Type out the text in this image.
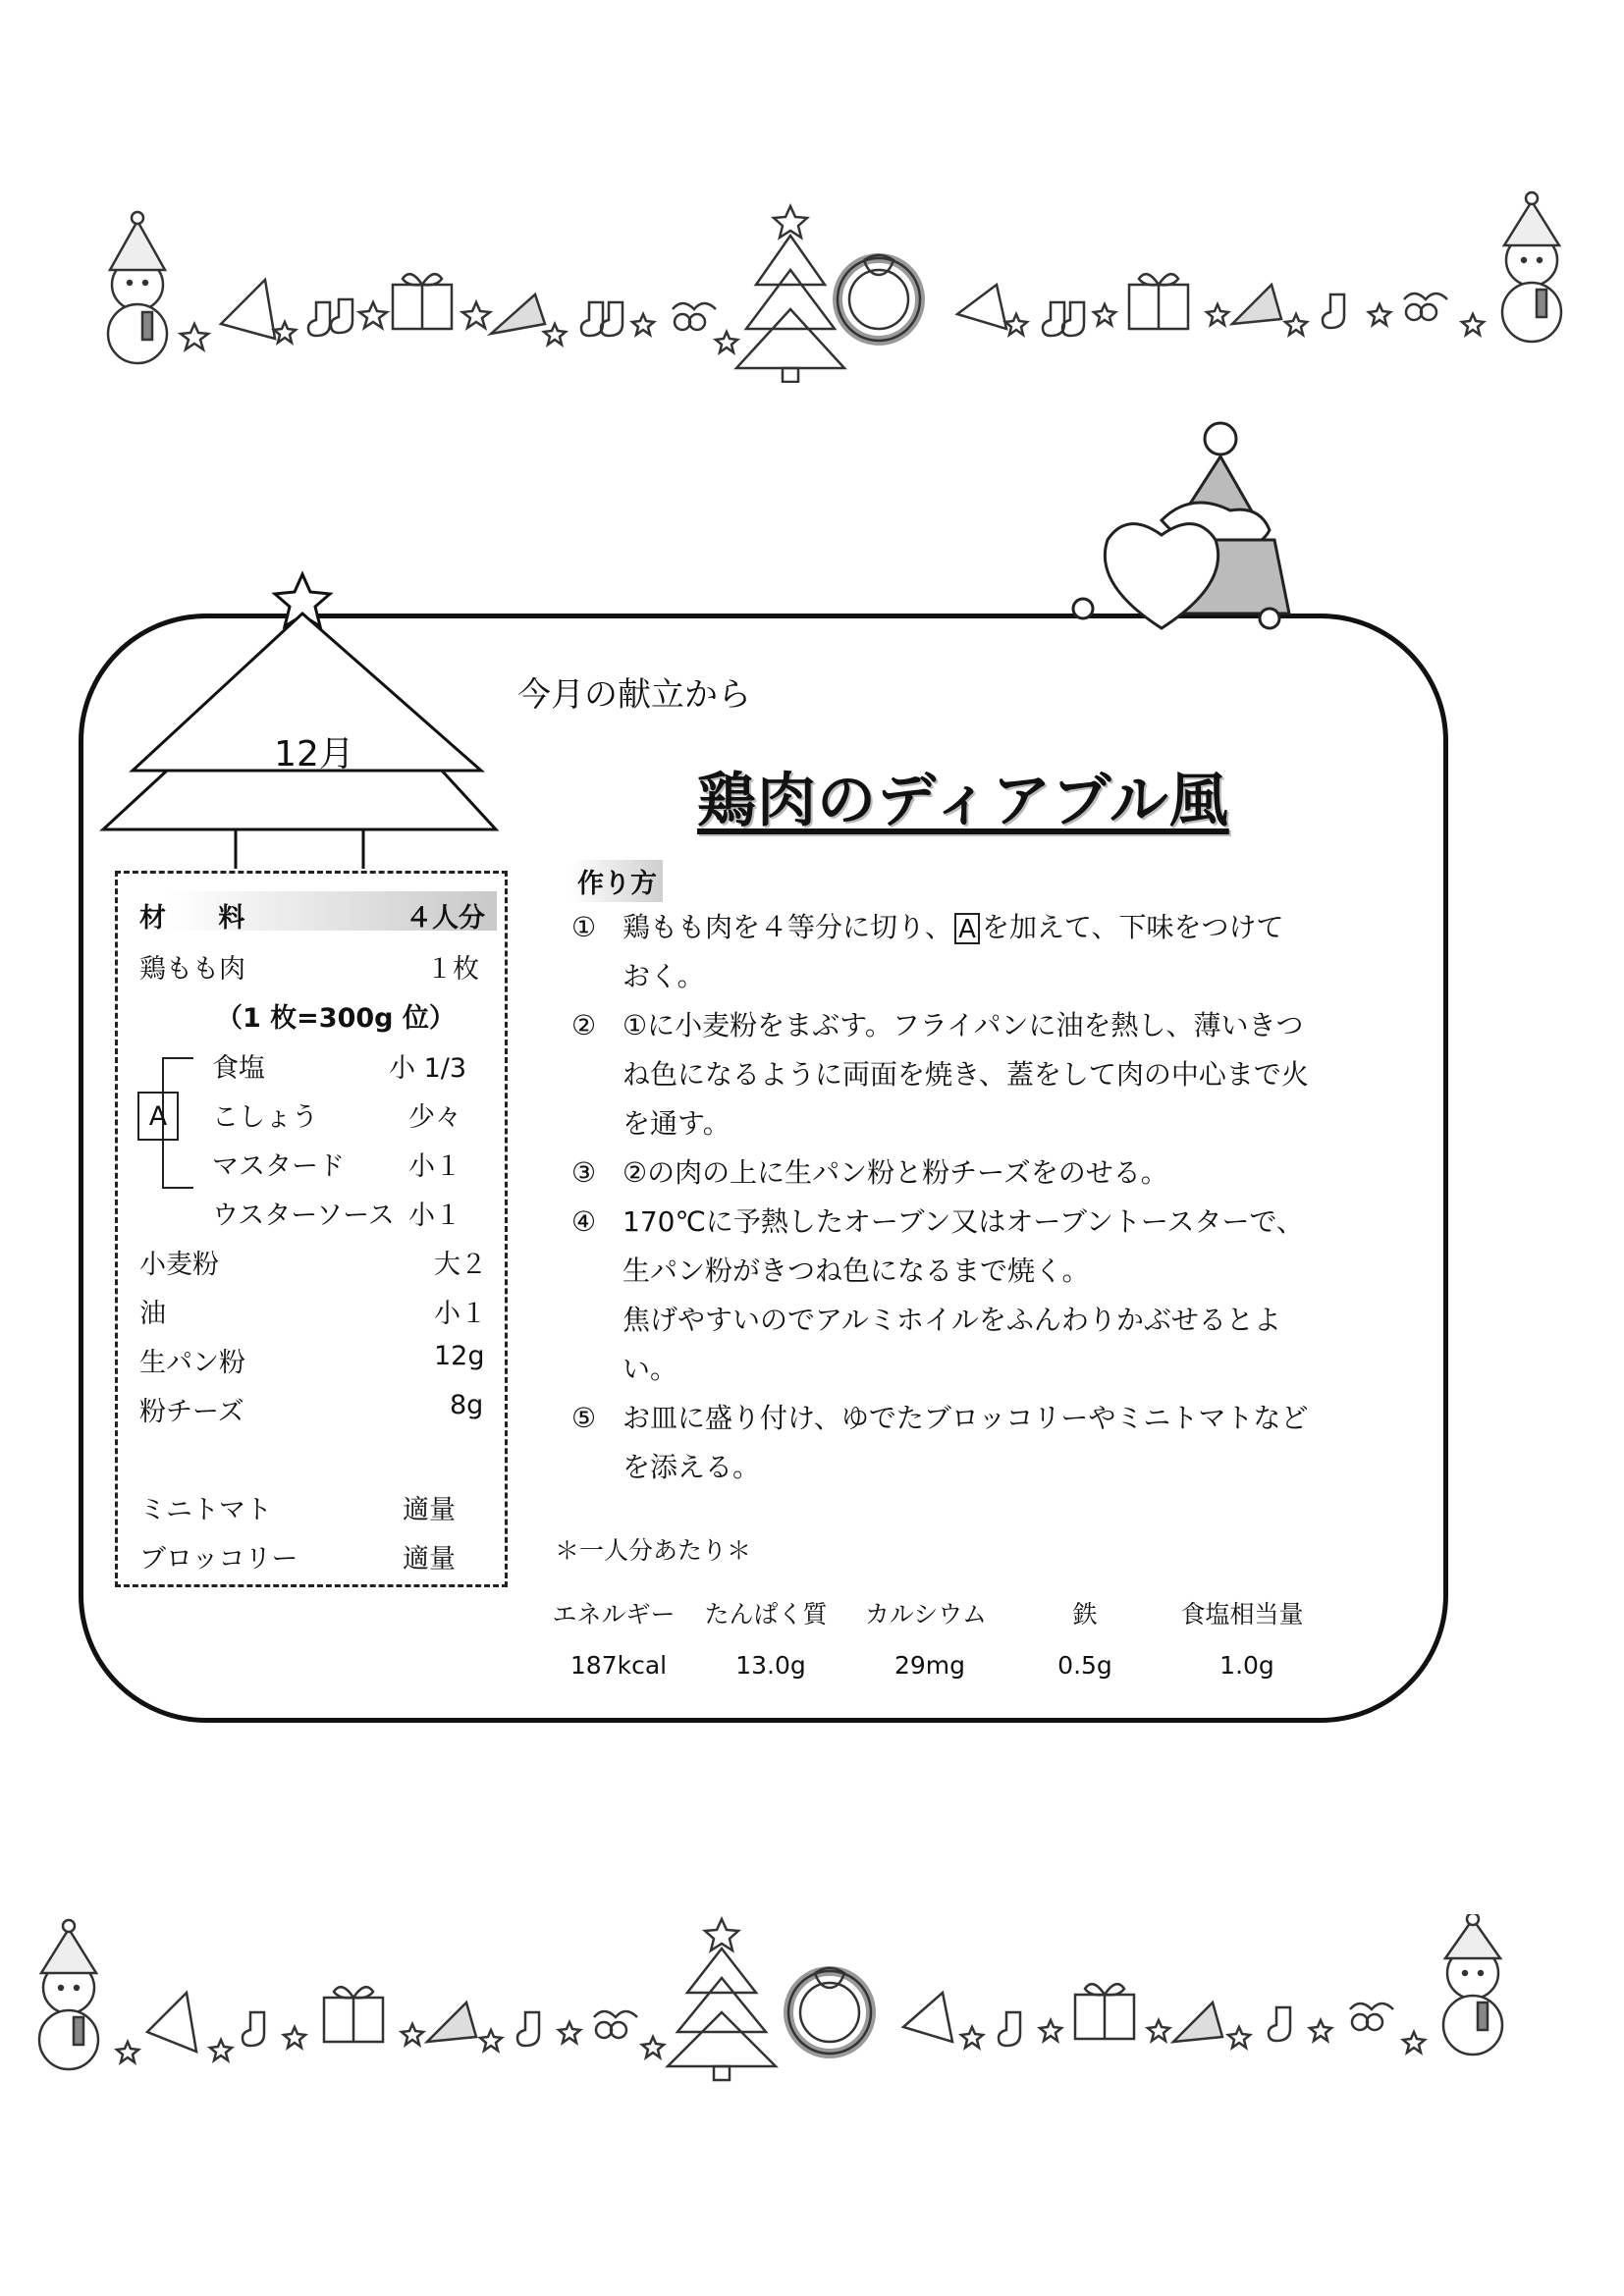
12月
今月の献立から
鶏肉のディアブル風
材 料	４人分
鶏もも肉	１枚
（1 枚=300g 位）
A
食塩	小 1/3
こしょう	少々
マスタード 小１
ウスターソース 小１
小麦粉	大２
油	小１
生パン粉	12g
粉チーズ	8g
ミニトマト	適量
ブロッコリー	適量
作り方
① 鶏もも肉を４等分に切り、 A を加えて、下味をつけておく。
② ①に小麦粉をまぶす。フライパンに油を熱し、薄いきつね色になるように両面を焼き、蓋をして肉の中心まで火を通す。
③ ②の肉の上に生パン粉と粉チーズをのせる。
④ 170℃に予熱したオーブン又はオーブントースターで、生パン粉がきつね色になるまで焼く。
焦げやすいのでアルミホイルをふんわりかぶせるとよい。
⑤ お皿に盛り付け、ゆでたブロッコリーやミニトマトなどを添える。
＊一人分あたり＊
エネルギー	たんぱく質	カルシウム	鉄	食塩相当量
187kcal	13.0g	29mg	0.5g	1.0g
